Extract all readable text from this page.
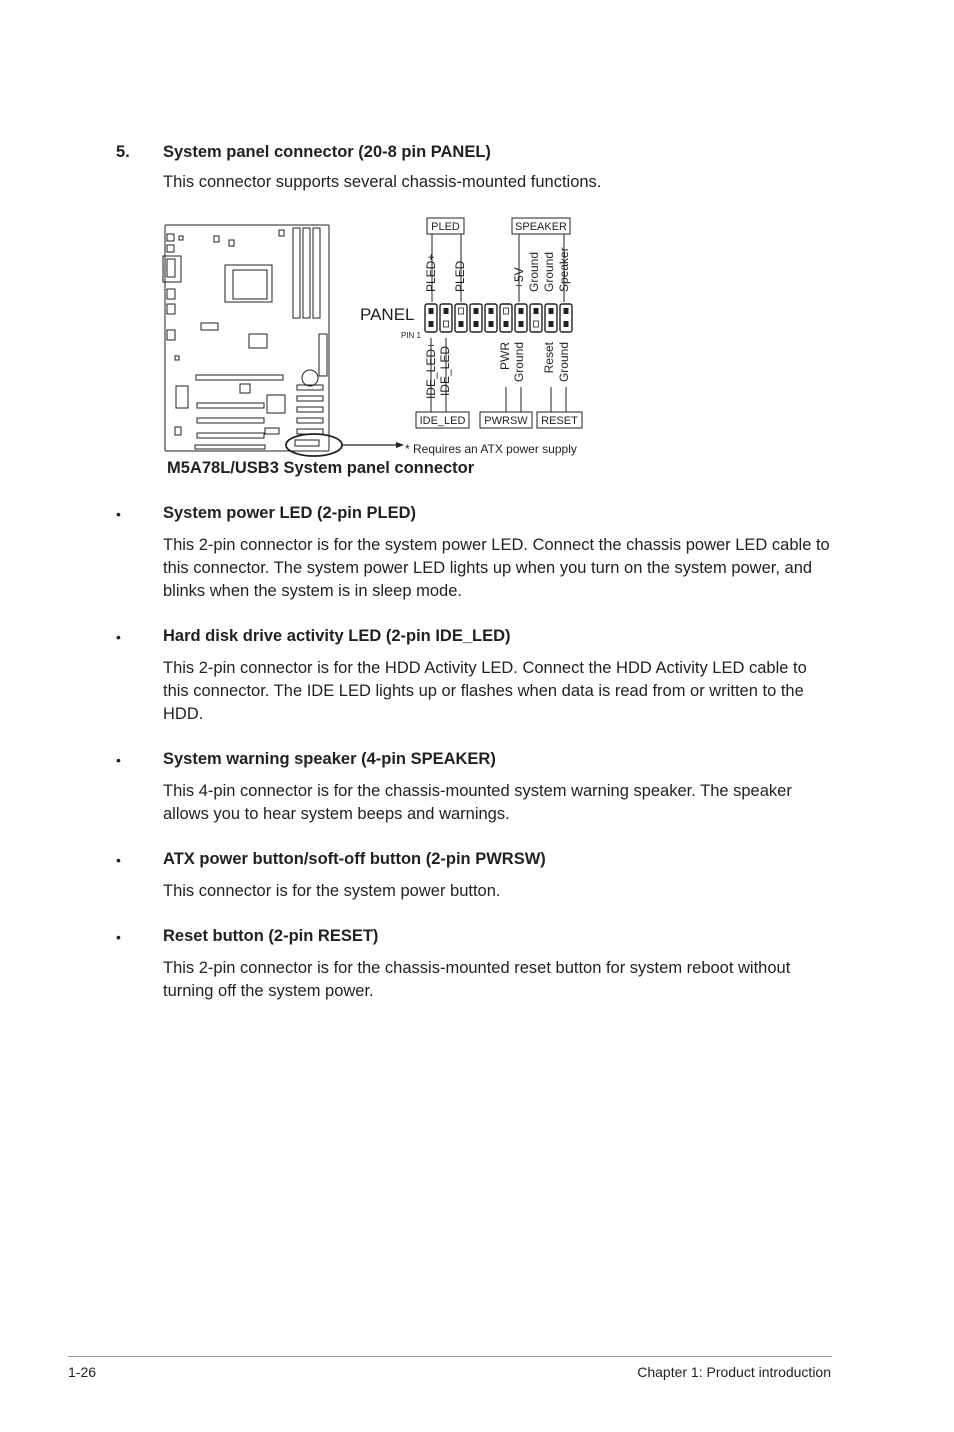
5. System panel connector (20-8 pin PANEL)
This connector supports several chassis-mounted functions.
* Requires an ATX power supply
PANEL
PIN 1
PLED	SPEAKER
PLED+ PLED-	+5V Ground Ground Speaker
IDE_LED+ IDE_LED-	PWR Ground Reset Ground
IDE_LED PWRSW RESET
M5A78L/USB3 System panel connector
•	System power LED (2-pin PLED)
This 2-pin connector is for the system power LED. Connect the chassis power LED cable to this connector. The system power LED lights up when you turn on the system power, and blinks when the system is in sleep mode.
•	Hard disk drive activity LED (2-pin IDE_LED)
This 2-pin connector is for the HDD Activity LED. Connect the HDD Activity LED cable to this connector. The IDE LED lights up or flashes when data is read from or written to the HDD.
•	System warning speaker (4-pin SPEAKER)
This 4-pin connector is for the chassis-mounted system warning speaker. The speaker allows you to hear system beeps and warnings.
•	ATX power button/soft-off button (2-pin PWRSW)
This connector is for the system power button.
•	Reset button (2-pin RESET)
This 2-pin connector is for the chassis-mounted reset button for system reboot without turning off the system power.
1-26	Chapter 1: Product introduction
